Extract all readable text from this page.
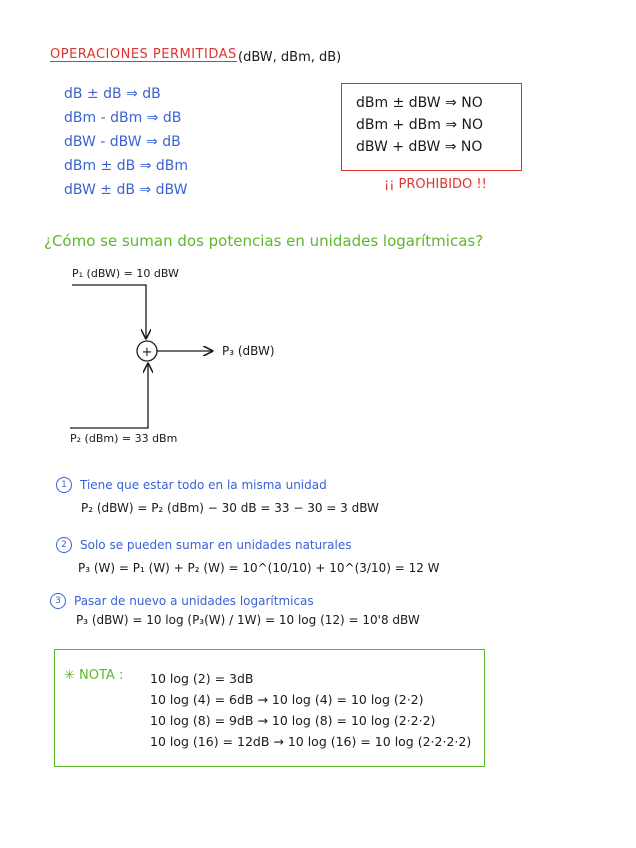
OPERACIONES PERMITIDAS (dBW, dBm, dB)
dB ± dB ⇒ dB
dBm - dBm ⇒ dB
dBW - dBW ⇒ dB
dBm ± dB ⇒ dBm
dBW ± dB ⇒ dBW
dBm ± dBW ⇒ NO
dBm + dBm ⇒ NO
dBW + dBW ⇒ NO
¡¡ PROHIBIDO !!
¿Cómo se suman dos potencias en unidades logarítmicas?
+
P₁ (dBW) = 10 dBW
P₂ (dBm) = 33 dBm
P₃ (dBW)
1 Tiene que estar todo en la misma unidad
P₂ (dBW) = P₂ (dBm) − 30 dB = 33 − 30 = 3 dBW
2 Solo se pueden sumar en unidades naturales
P₃ (W) = P₁ (W) + P₂ (W) = 10^(10/10) + 10^(3/10) = 12 W
3 Pasar de nuevo a unidades logarítmicas
P₃ (dBW) = 10 log (P₃(W) / 1W) = 10 log (12) = 10'8 dBW
✳ NOTA : 10 log (2) = 3dB
10 log (4) = 6dB → 10 log (4) = 10 log (2·2)
10 log (8) = 9dB → 10 log (8) = 10 log (2·2·2)
10 log (16) = 12dB → 10 log (16) = 10 log (2·2·2·2)
